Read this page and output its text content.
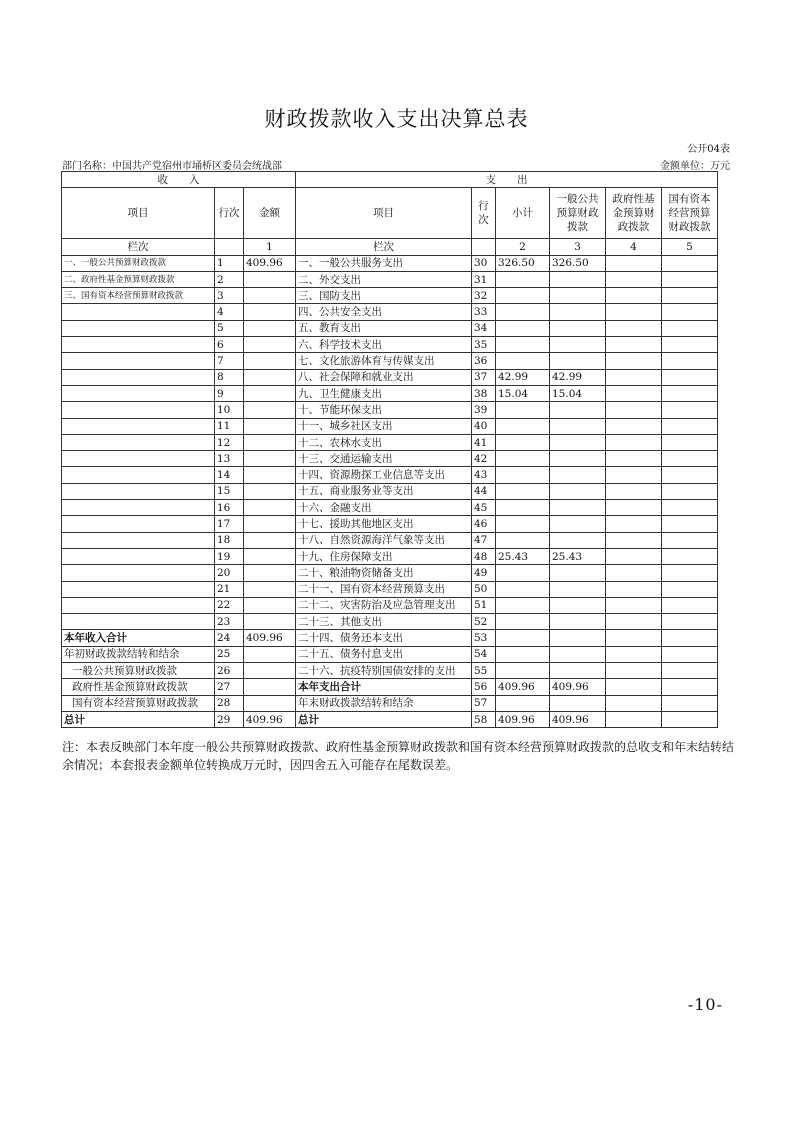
财政拨款收入支出决算总表
公开04表
部门名称：中国共产党宿州市埇桥区委员会统战部	金额单位：万元
收　　入			支　　出					
项目	行次	金额	项目	行次	小计	一般公共预算财政拨款	政府性基金预算财政拨款	国有资本经营预算财政拨款
栏次		1	栏次		2	3	4	5
一、一般公共预算财政拨款	1	409.96	一、一般公共服务支出	30	326.50	326.50		
二、政府性基金预算财政拨款	2		二、外交支出	31				
三、国有资本经营预算财政拨款	3		三、国防支出	32				
	4		四、公共安全支出	33				
	5		五、教育支出	34				
	6		六、科学技术支出	35				
	7		七、文化旅游体育与传媒支出	36				
	8		八、社会保障和就业支出	37	42.99	42.99		
	9		九、卫生健康支出	38	15.04	15.04		
	10		十、节能环保支出	39				
	11		十一、城乡社区支出	40				
	12		十二、农林水支出	41				
	13		十三、交通运输支出	42				
	14		十四、资源勘探工业信息等支出	43				
	15		十五、商业服务业等支出	44				
	16		十六、金融支出	45				
	17		十七、援助其他地区支出	46				
	18		十八、自然资源海洋气象等支出	47				
	19		十九、住房保障支出	48	25.43	25.43		
	20		二十、粮油物资储备支出	49				
	21		二十一、国有资本经营预算支出	50				
	22		二十二、灾害防治及应急管理支出	51				
	23		二十三、其他支出	52				
本年收入合计	24	409.96	二十四、债务还本支出	53				
年初财政拨款结转和结余	25		二十五、债务付息支出	54				
一般公共预算财政拨款	26		二十六、抗疫特别国债安排的支出	55				
政府性基金预算财政拨款	27		本年支出合计	56	409.96	409.96		
国有资本经营预算财政拨款	28		年末财政拨款结转和结余	57				
总计	29	409.96	总计	58	409.96	409.96		
注：本表反映部门本年度一般公共预算财政拨款、政府性基金预算财政拨款和国有资本经营预算财政拨款的总收支和年末结转结余情况；本套报表金额单位转换成万元时，因四舍五入可能存在尾数误差。
-10-
